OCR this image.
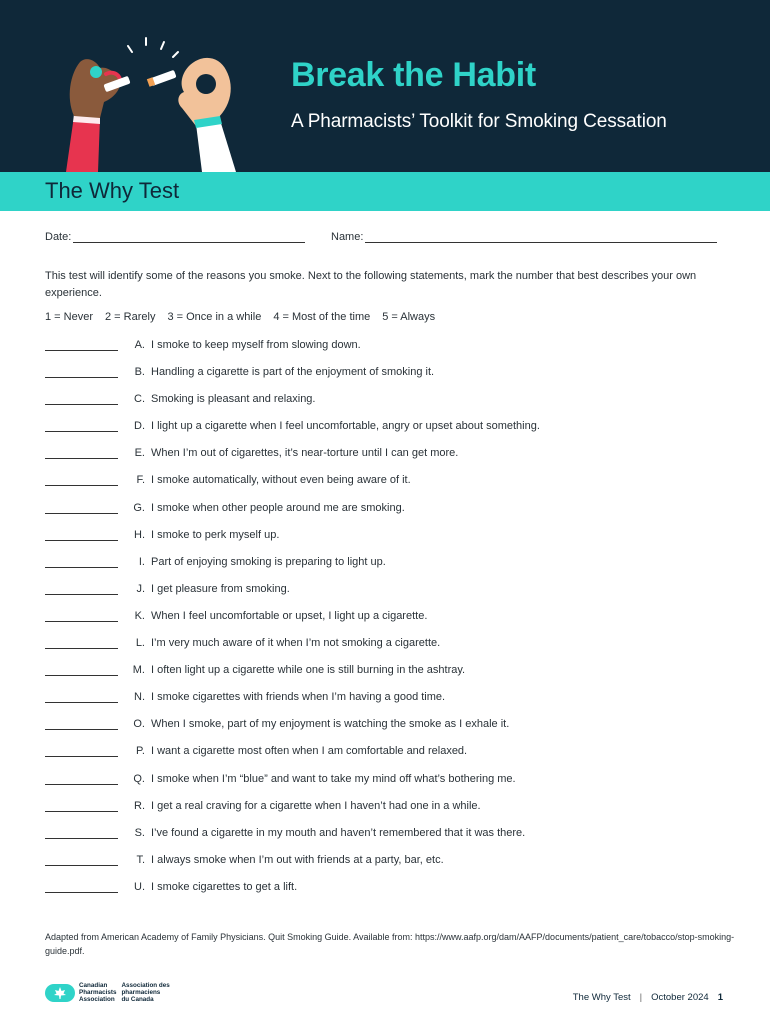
Break the Habit
A Pharmacists’ Toolkit for Smoking Cessation
The Why Test
Date:	Name:
This test will identify some of the reasons you smoke. Next to the following statements, mark the number that best describes your own experience.
1 = Never 2 = Rarely 3 = Once in a while 4 = Most of the time 5 = Always
A. I smoke to keep myself from slowing down.
B. Handling a cigarette is part of the enjoyment of smoking it.
C. Smoking is pleasant and relaxing.
D. I light up a cigarette when I feel uncomfortable, angry or upset about something.
E. When I’m out of cigarettes, it’s near-torture until I can get more.
F. I smoke automatically, without even being aware of it.
G. I smoke when other people around me are smoking.
H. I smoke to perk myself up.
I. Part of enjoying smoking is preparing to light up.
J. I get pleasure from smoking.
K. When I feel uncomfortable or upset, I light up a cigarette.
L. I’m very much aware of it when I’m not smoking a cigarette.
M. I often light up a cigarette while one is still burning in the ashtray.
N. I smoke cigarettes with friends when I’m having a good time.
O. When I smoke, part of my enjoyment is watching the smoke as I exhale it.
P. I want a cigarette most often when I am comfortable and relaxed.
Q. I smoke when I’m “blue” and want to take my mind off what’s bothering me.
R. I get a real craving for a cigarette when I haven’t had one in a while.
S. I’ve found a cigarette in my mouth and haven’t remembered that it was there.
T. I always smoke when I’m out with friends at a party, bar, etc.
U. I smoke cigarettes to get a lift.
Adapted from American Academy of Family Physicians. Quit Smoking Guide. Available from: https://www.aafp.org/dam/AAFP/documents/patient_care/tobacco/stop-smoking-guide.pdf.
Canadian
Pharmacists
Association
Association des
pharmaciens
du Canada	The Why Test | October 2024 1
